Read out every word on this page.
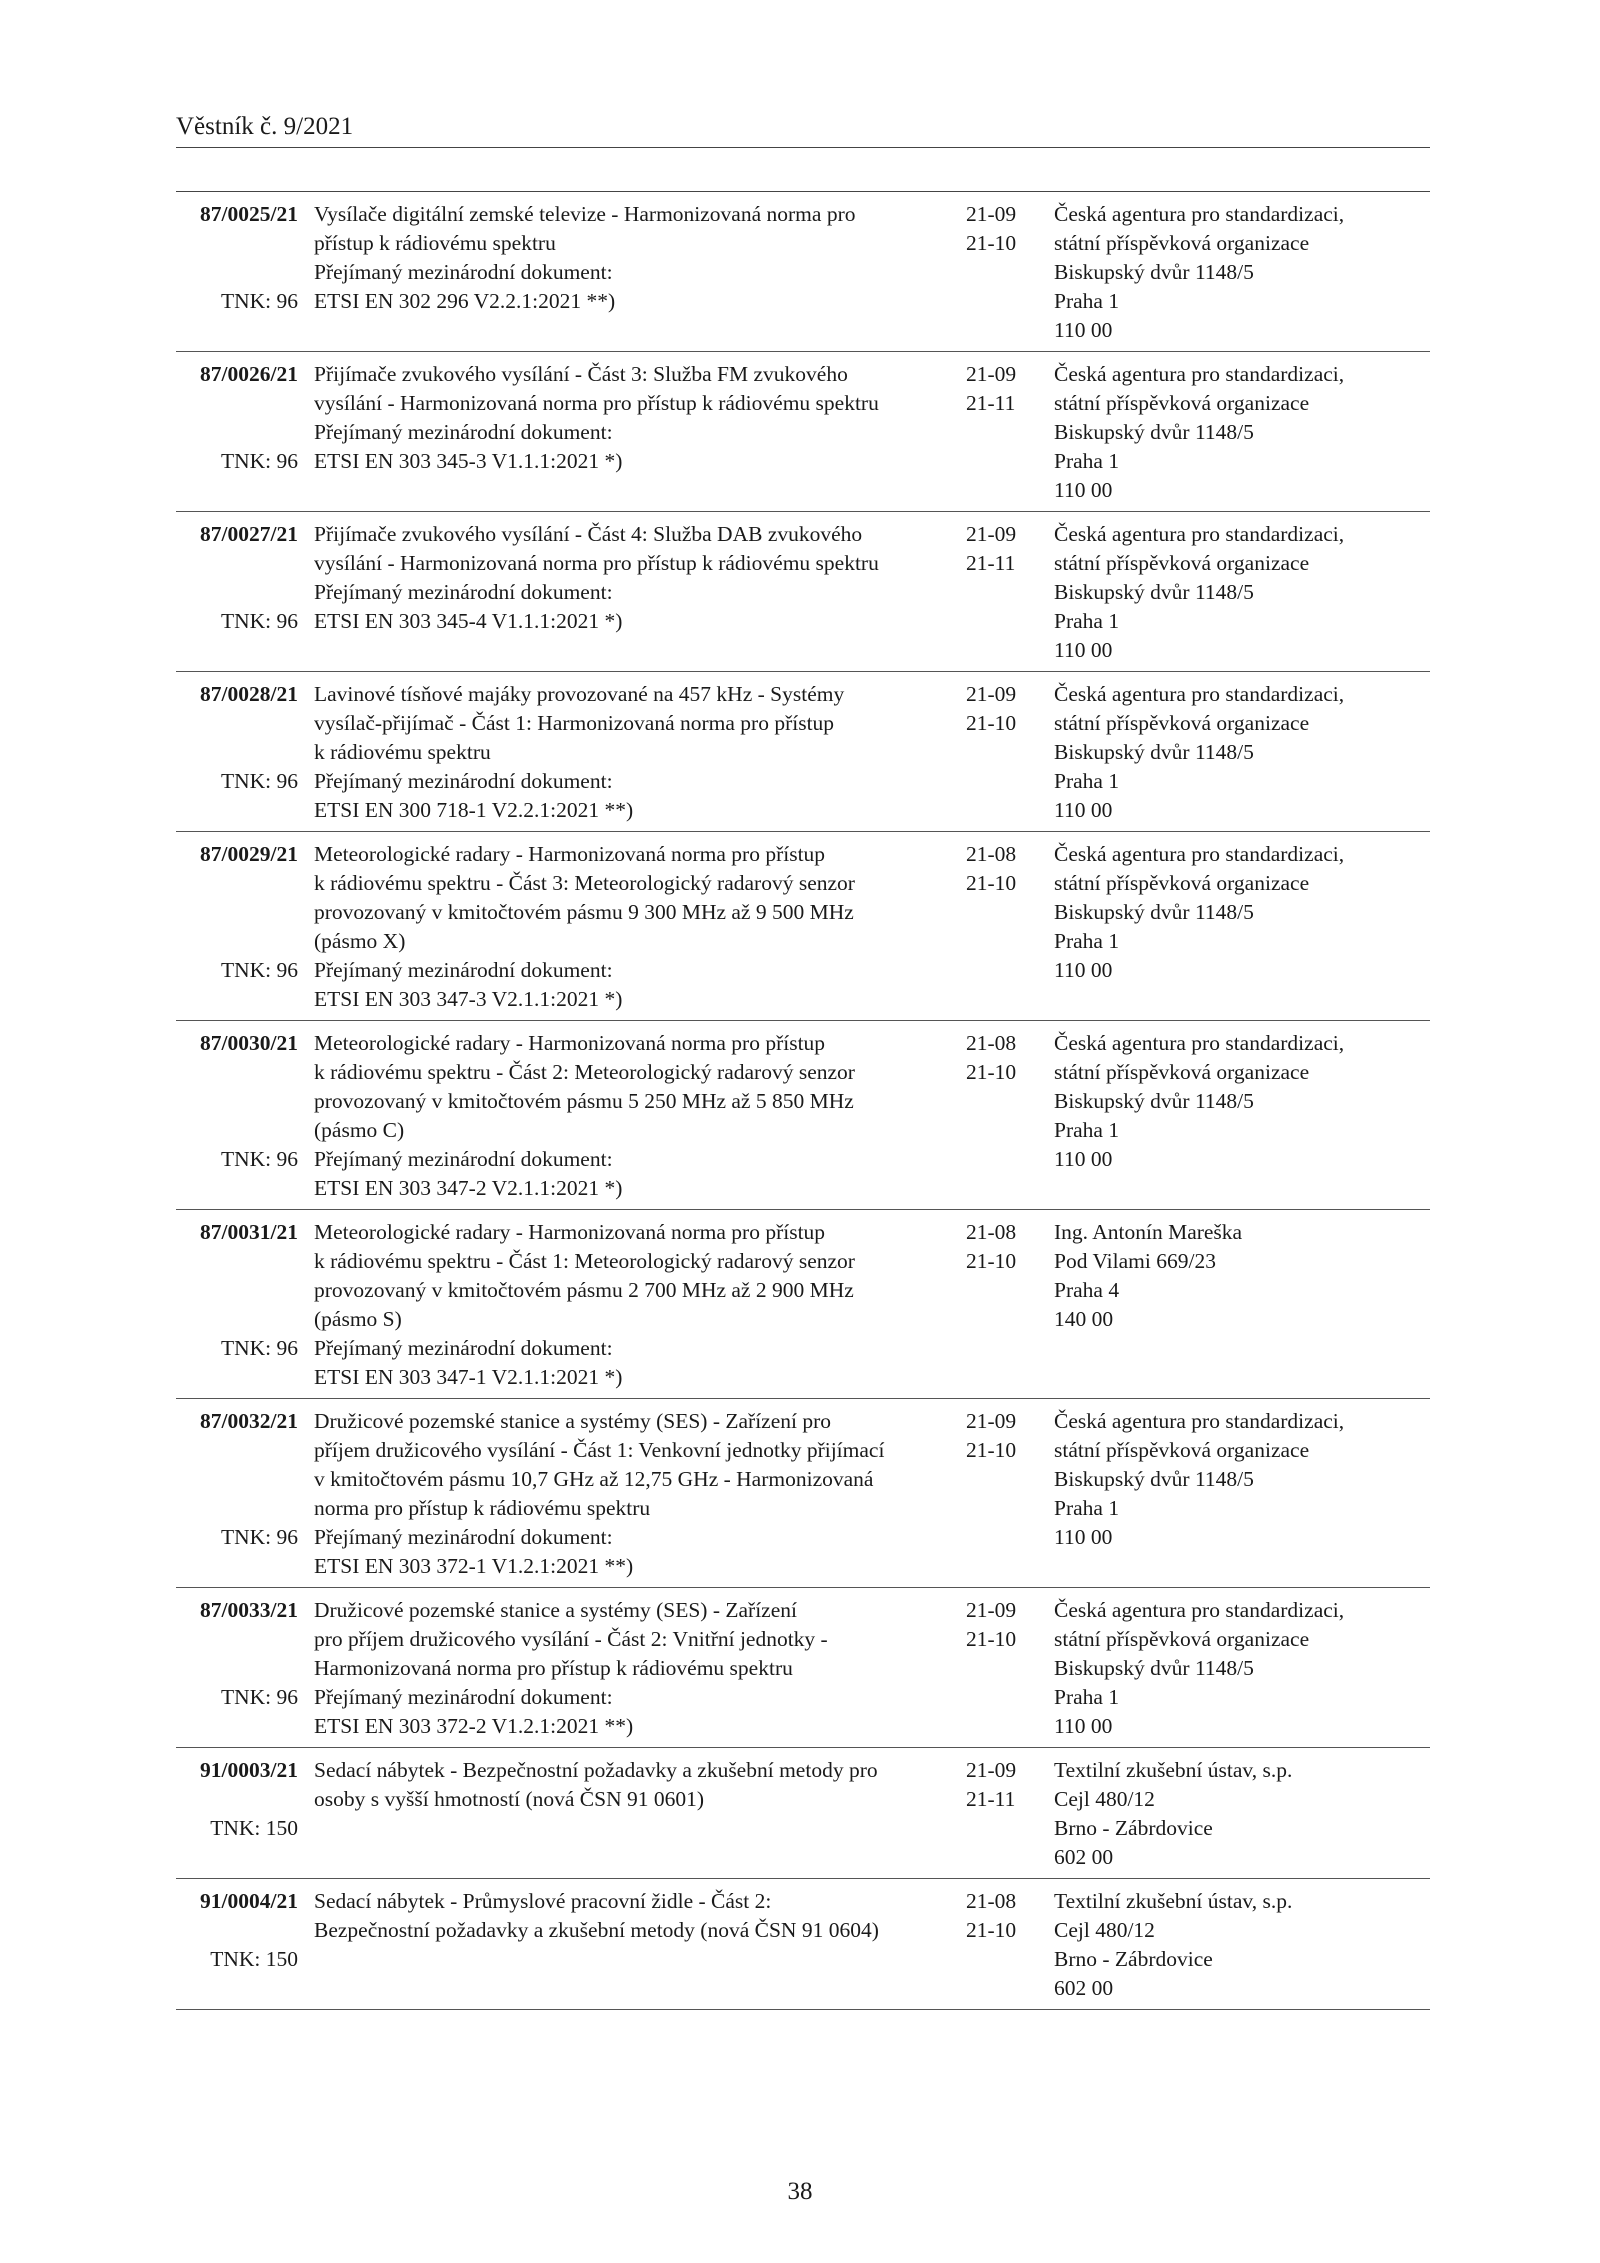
Věstník č. 9/2021
87/0025/21
TNK: 96
Vysílače digitální zemské televize - Harmonizovaná norma pro
přístup k rádiovému spektru
Přejímaný mezinárodní dokument:
ETSI EN 302 296 V2.2.1:2021 **)
21-09
21-10
Česká agentura pro standardizaci,
státní příspěvková organizace
Biskupský dvůr 1148/5
Praha 1
110 00
87/0026/21
TNK: 96
Přijímače zvukového vysílání - Část 3: Služba FM zvukového
vysílání - Harmonizovaná norma pro přístup k rádiovému spektru
Přejímaný mezinárodní dokument:
ETSI EN 303 345-3 V1.1.1:2021 *)
21-09
21-11
Česká agentura pro standardizaci,
státní příspěvková organizace
Biskupský dvůr 1148/5
Praha 1
110 00
87/0027/21
TNK: 96
Přijímače zvukového vysílání - Část 4: Služba DAB zvukového
vysílání - Harmonizovaná norma pro přístup k rádiovému spektru
Přejímaný mezinárodní dokument:
ETSI EN 303 345-4 V1.1.1:2021 *)
21-09
21-11
Česká agentura pro standardizaci,
státní příspěvková organizace
Biskupský dvůr 1148/5
Praha 1
110 00
87/0028/21
TNK: 96
Lavinové tísňové majáky provozované na 457 kHz - Systémy
vysílač-přijímač - Část 1: Harmonizovaná norma pro přístup
k rádiovému spektru
Přejímaný mezinárodní dokument:
ETSI EN 300 718-1 V2.2.1:2021 **)
21-09
21-10
Česká agentura pro standardizaci,
státní příspěvková organizace
Biskupský dvůr 1148/5
Praha 1
110 00
87/0029/21
TNK: 96
Meteorologické radary - Harmonizovaná norma pro přístup
k rádiovému spektru - Část 3: Meteorologický radarový senzor
provozovaný v kmitočtovém pásmu 9 300 MHz až 9 500 MHz
(pásmo X)
Přejímaný mezinárodní dokument:
ETSI EN 303 347-3 V2.1.1:2021 *)
21-08
21-10
Česká agentura pro standardizaci,
státní příspěvková organizace
Biskupský dvůr 1148/5
Praha 1
110 00
87/0030/21
TNK: 96
Meteorologické radary - Harmonizovaná norma pro přístup
k rádiovému spektru - Část 2: Meteorologický radarový senzor
provozovaný v kmitočtovém pásmu 5 250 MHz až 5 850 MHz
(pásmo C)
Přejímaný mezinárodní dokument:
ETSI EN 303 347-2 V2.1.1:2021 *)
21-08
21-10
Česká agentura pro standardizaci,
státní příspěvková organizace
Biskupský dvůr 1148/5
Praha 1
110 00
87/0031/21
TNK: 96
Meteorologické radary - Harmonizovaná norma pro přístup
k rádiovému spektru - Část 1: Meteorologický radarový senzor
provozovaný v kmitočtovém pásmu 2 700 MHz až 2 900 MHz
(pásmo S)
Přejímaný mezinárodní dokument:
ETSI EN 303 347-1 V2.1.1:2021 *)
21-08
21-10
Ing. Antonín Mareška
Pod Vilami 669/23
Praha 4
140 00
87/0032/21
TNK: 96
Družicové pozemské stanice a systémy (SES) - Zařízení pro
příjem družicového vysílání - Část 1: Venkovní jednotky přijímací
v kmitočtovém pásmu 10,7 GHz až 12,75 GHz - Harmonizovaná
norma pro přístup k rádiovému spektru
Přejímaný mezinárodní dokument:
ETSI EN 303 372-1 V1.2.1:2021 **)
21-09
21-10
Česká agentura pro standardizaci,
státní příspěvková organizace
Biskupský dvůr 1148/5
Praha 1
110 00
87/0033/21
TNK: 96
Družicové pozemské stanice a systémy (SES) - Zařízení
pro příjem družicového vysílání - Část 2: Vnitřní jednotky -
Harmonizovaná norma pro přístup k rádiovému spektru
Přejímaný mezinárodní dokument:
ETSI EN 303 372-2 V1.2.1:2021 **)
21-09
21-10
Česká agentura pro standardizaci,
státní příspěvková organizace
Biskupský dvůr 1148/5
Praha 1
110 00
91/0003/21
TNK: 150
Sedací nábytek - Bezpečnostní požadavky a zkušební metody pro
osoby s vyšší hmotností (nová ČSN 91 0601)
21-09
21-11
Textilní zkušební ústav, s.p.
Cejl 480/12
Brno - Zábrdovice
602 00
91/0004/21
TNK: 150
Sedací nábytek - Průmyslové pracovní židle - Část 2:
Bezpečnostní požadavky a zkušební metody (nová ČSN 91 0604)
21-08
21-10
Textilní zkušební ústav, s.p.
Cejl 480/12
Brno - Zábrdovice
602 00
38
